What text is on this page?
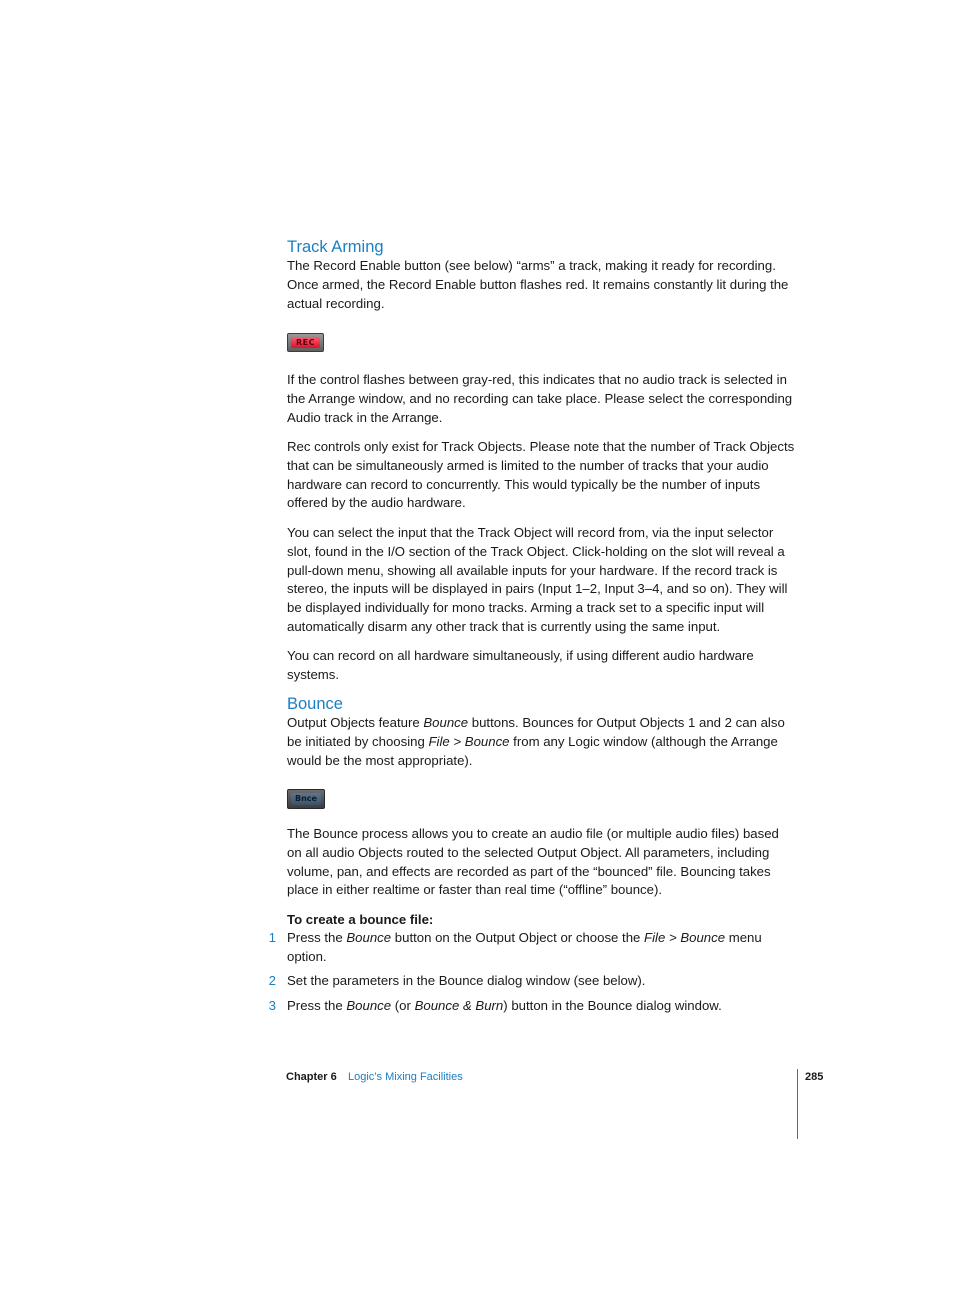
Track Arming

The Record Enable button (see below) “arms” a track, making it ready for recording. Once armed, the Record Enable button flashes red. It remains constantly lit during the actual recording.

REC

If the control flashes between gray-red, this indicates that no audio track is selected in the Arrange window, and no recording can take place. Please select the corresponding Audio track in the Arrange.

Rec controls only exist for Track Objects. Please note that the number of Track Objects that can be simultaneously armed is limited to the number of tracks that your audio hardware can record to concurrently. This would typically be the number of inputs offered by the audio hardware.

You can select the input that the Track Object will record from, via the input selector slot, found in the I/O section of the Track Object. Click-holding on the slot will reveal a pull-down menu, showing all available inputs for your hardware. If the record track is stereo, the inputs will be displayed in pairs (Input 1–2, Input 3–4, and so on). They will be displayed individually for mono tracks. Arming a track set to a specific input will automatically disarm any other track that is currently using the same input.

You can record on all hardware simultaneously, if using different audio hardware systems.

Bounce

Output Objects feature Bounce buttons. Bounces for Output Objects 1 and 2 can also be initiated by choosing File > Bounce from any Logic window (although the Arrange would be the most appropriate).

Bnce

The Bounce process allows you to create an audio file (or multiple audio files) based on all audio Objects routed to the selected Output Object. All parameters, including volume, pan, and effects are recorded as part of the “bounced” file. Bouncing takes place in either realtime or faster than real time (“offline” bounce).

To create a bounce file:

1 Press the Bounce button on the Output Object or choose the File > Bounce menu option.

2 Set the parameters in the Bounce dialog window (see below).

3 Press the Bounce (or Bounce & Burn) button in the Bounce dialog window.

Chapter 6 Logic’s Mixing Facilities	285
